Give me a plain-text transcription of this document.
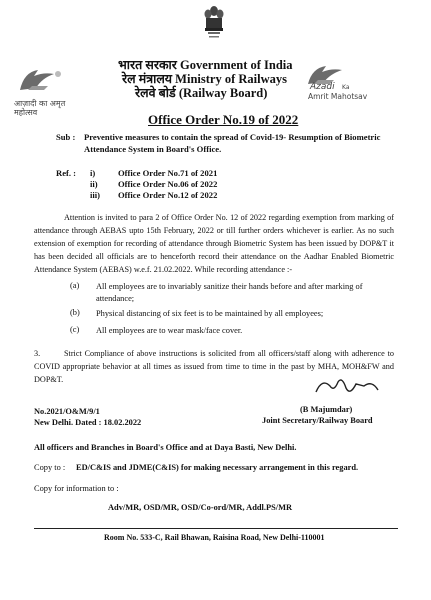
आज़ादी का अमृत महोत्सव
Azadi Ka
Amrit Mahotsav
भारत सरकार Government of India
रेल मंत्रालय Ministry of Railways
रेलवे बोर्ड (Railway Board)
Office Order No.19 of 2022
Sub : Preventive measures to contain the spread of Covid-19- Resumption of Biometric Attendance System in Board's Office.
Ref. : i)	Office Order No.71 of 2021
ii) Office Order No.06 of 2022
iii) Office Order No.12 of 2022
Attention is invited to para 2 of Office Order No. 12 of 2022 regarding exemption from marking of attendance through AEBAS upto 15th February, 2022 or till further orders whichever is earlier. As no such extension of exemption for recording of attendance through Biometric System has been issued by DOP&T it has been decided all officials are to henceforth record their attendance on the Aadhar Enabled Biometric Attendance System (AEBAS) w.e.f. 21.02.2022. While recording attendance :-
(a) All employees are to invariably sanitize their hands before and after marking of attendance;
(b) Physical distancing of six feet is to be maintained by all employees;
(c) All employees are to wear mask/face cover.
3.	Strict Compliance of above instructions is solicited from all officers/staff along with adherence to COVID appropriate behavior at all times as issued from time to time in the past by MHA, MOH&FW and DOP&T.
No.2021/O&M/9/1
New Delhi. Dated : 18.02.2022
(B Majumdar)
Joint Secretary/Railway Board
All officers and Branches in Board's Office and at Daya Basti, New Delhi.
Copy to : ED/C&IS and JDME(C&IS) for making necessary arrangement in this regard.
Copy for information to :
Adv/MR, OSD/MR, OSD/Co-ord/MR, Addl.PS/MR
Room No. 533-C, Rail Bhawan, Raisina Road, New Delhi-110001
